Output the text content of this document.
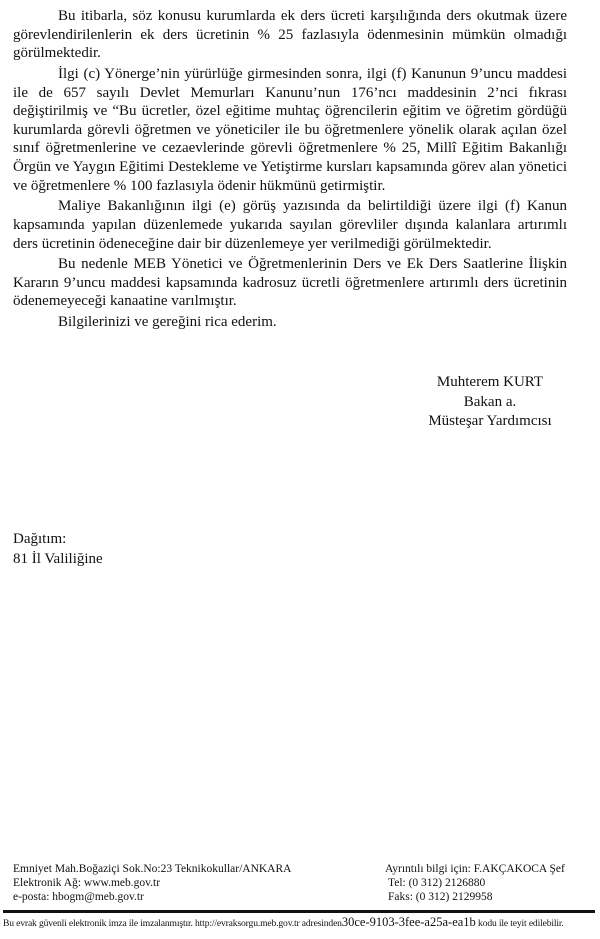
Bu itibarla, söz konusu kurumlarda ek ders ücreti karşılığında ders okutmak üzere görevlendirilenlerin ek ders ücretinin % 25 fazlasıyla ödenmesinin mümkün olmadığı görülmektedir.

İlgi (c) Yönerge’nin yürürlüğe girmesinden sonra, ilgi (f) Kanunun 9’uncu maddesi ile de 657 sayılı Devlet Memurları Kanunu’nun 176’ncı maddesinin 2’nci fıkrası değiştirilmiş ve “Bu ücretler, özel eğitime muhtaç öğrencilerin eğitim ve öğretim gördüğü kurumlarda görevli öğretmen ve yöneticiler ile bu öğretmenlere yönelik olarak açılan özel sınıf öğretmenlerine ve cezaevlerinde görevli öğretmenlere % 25, Millî Eğitim Bakanlığı Örgün ve Yaygın Eğitimi Destekleme ve Yetiştirme kursları kapsamında görev alan yönetici ve öğretmenlere % 100 fazlasıyla ödenir hükmünü getirmiştir.

Maliye Bakanlığının ilgi (e) görüş yazısında da belirtildiği üzere ilgi (f) Kanun kapsamında yapılan düzenlemede yukarıda sayılan görevliler dışında kalanlara artırımlı ders ücretinin ödeneceğine dair bir düzenlemeye yer verilmediği görülmektedir.

Bu nedenle MEB Yönetici ve Öğretmenlerinin Ders ve Ek Ders Saatlerine İlişkin Kararın 9’uncu maddesi kapsamında kadrosuz ücretli öğretmenlere artırımlı ders ücretinin ödenemeyeceği kanaatine varılmıştır.

Bilgilerinizi ve gereğini rica ederim.

Muhterem KURT
Bakan a.
Müsteşar Yardımcısı
Dağıtım:
81 İl Valiliğine
Emniyet Mah.Boğaziçi Sok.No:23 Teknikokullar/ANKARA
Elektronik Ağ: www.meb.gov.tr
e-posta: hbogm@meb.gov.tr
Ayrıntılı bilgi için: F.AKÇAKOCA Şef
Tel: (0 312) 2126880
Faks: (0 312) 2129958
Bu evrak güvenli elektronik imza ile imzalanmıştır. http://evraksorgu.meb.gov.tr adresinden30ce-9103-3fee-a25a-ea1b kodu ile teyit edilebilir.
